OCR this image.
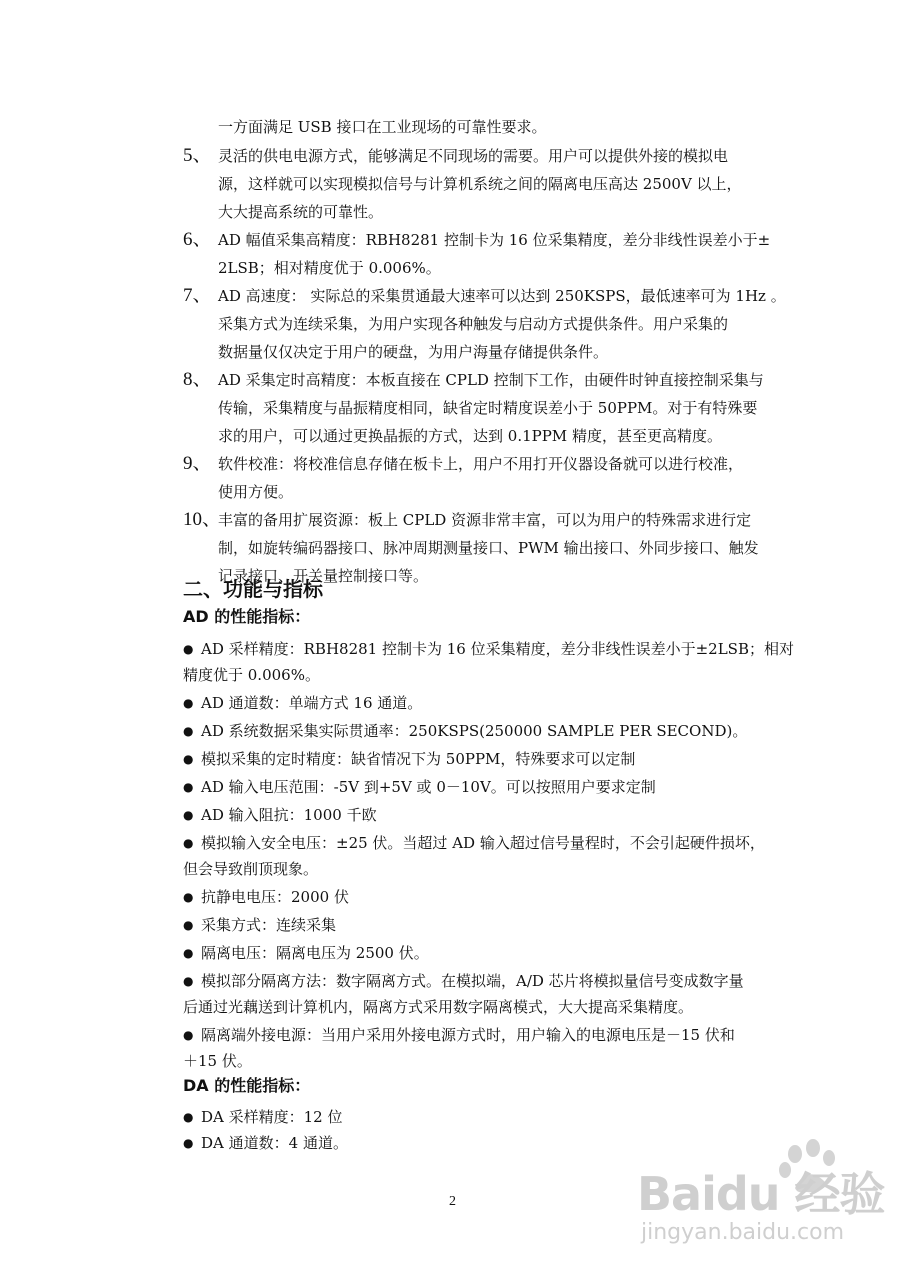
一方面满足 USB 接口在工业现场的可靠性要求。
5、 灵活的供电电源方式，能够满足不同现场的需要。用户可以提供外接的模拟电
源，这样就可以实现模拟信号与计算机系统之间的隔离电压高达 2500V 以上，
大大提高系统的可靠性。
6、 AD 幅值采集高精度：RBH8281 控制卡为 16 位采集精度，差分非线性误差小于±
2LSB；相对精度优于 0.006%。
7、 AD 高速度： 实际总的采集贯通最大速率可以达到 250KSPS，最低速率可为 1Hz 。
采集方式为连续采集，为用户实现各种触发与启动方式提供条件。用户采集的
数据量仅仅决定于用户的硬盘，为用户海量存储提供条件。
8、 AD 采集定时高精度：本板直接在 CPLD 控制下工作，由硬件时钟直接控制采集与
传输，采集精度与晶振精度相同，缺省定时精度误差小于 50PPM。对于有特殊要
求的用户，可以通过更换晶振的方式，达到 0.1PPM 精度，甚至更高精度。
9、 软件校准：将校准信息存储在板卡上，用户不用打开仪器设备就可以进行校准，
使用方便。
10、
丰富的备用扩展资源：板上 CPLD 资源非常丰富，可以为用户的特殊需求进行定
制，如旋转编码器接口、脉冲周期测量接口、PWM 输出接口、外同步接口、触发
记录接口、开关量控制接口等。
二、功能与指标
AD 的性能指标：
● AD 采样精度：RBH8281 控制卡为 16 位采集精度，差分非线性误差小于±2LSB；相对
精度优于 0.006%。
● AD 通道数：单端方式 16 通道。
● AD 系统数据采集实际贯通率：250KSPS(250000 SAMPLE PER SECOND)。
● 模拟采集的定时精度：缺省情况下为 50PPM，特殊要求可以定制
● AD 输入电压范围：-5V 到+5V 或 0－10V。可以按照用户要求定制
● AD 输入阻抗：1000 千欧
● 模拟输入安全电压：±25 伏。当超过 AD 输入超过信号量程时，不会引起硬件损坏，
但会导致削顶现象。
● 抗静电电压：2000 伏
● 采集方式：连续采集
● 隔离电压：隔离电压为 2500 伏。
● 模拟部分隔离方法：数字隔离方式。在模拟端，A/D 芯片将模拟量信号变成数字量
后通过光藕送到计算机内，隔离方式采用数字隔离模式，大大提高采集精度。
● 隔离端外接电源：当用户采用外接电源方式时，用户输入的电源电压是－15 伏和
＋15 伏。
DA 的性能指标：
● DA 采样精度：12 位
● DA 通道数：4 通道。
2	Baidu 经验
jingyan.baidu.com
